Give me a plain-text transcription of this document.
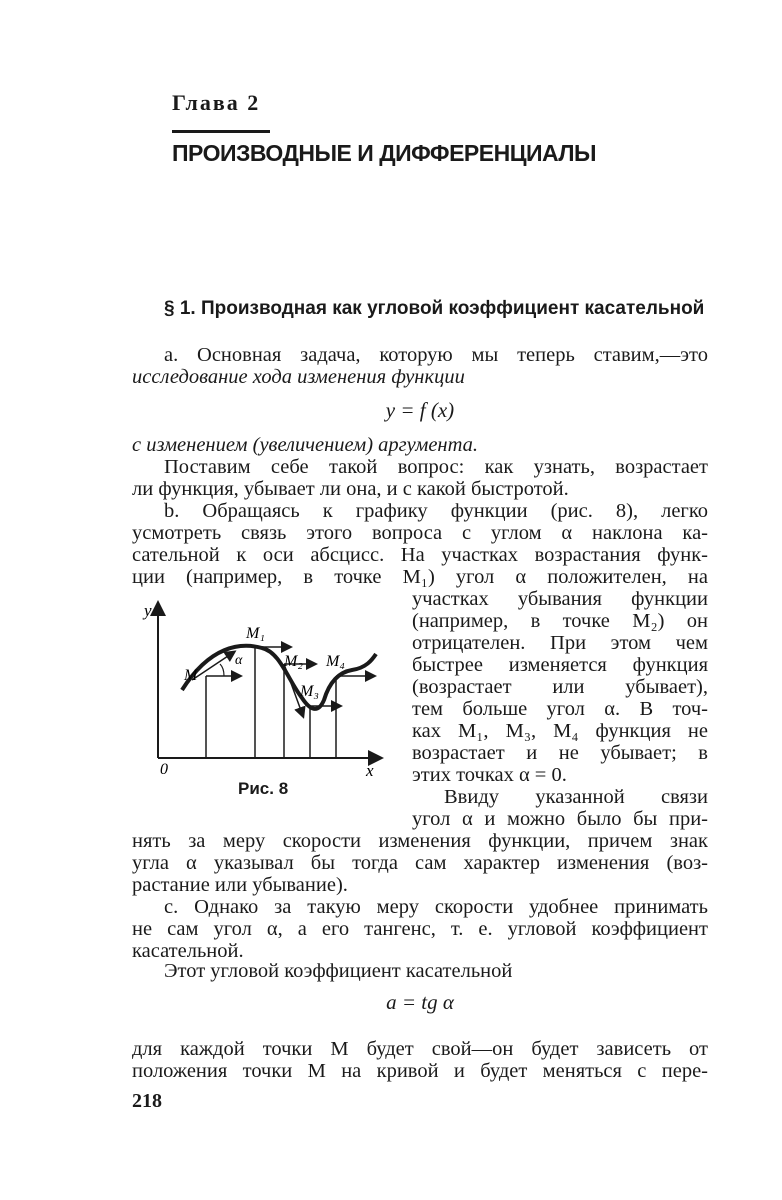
Глава 2
ПРОИЗВОДНЫЕ И ДИФФЕРЕНЦИАЛЫ
§ 1. Производная как угловой коэффициент касательной
а. Основная задача, которую мы теперь ставим,—это
исследование хода изменения функции
y = f (x)
с изменением (увеличением) аргумента.
Поставим себе такой вопрос: как узнать, возрастает
ли функция, убывает ли она, и с какой быстротой.
b. Обращаясь к графику функции (рис. 8), легко
усмотреть связь этого вопроса с углом α наклона ка-
сательной к оси абсцисс. На участках возрастания функ-
ции (например, в точке M₁) угол α положителен, на
y
x
0
M
α
M₁
M₂
M₃
M₄
Рис. 8
участках убывания функции
(например, в точке M₂) он
отрицателен. При этом чем
быстрее изменяется функция
(возрастает или убывает),
тем больше угол α. В точ-
ках M₁, M₃, M₄ функция не
возрастает и не убывает; в
этих точках α = 0.
Ввиду указанной связи
угол α и можно было бы при-
нять за меру скорости изменения функции, причем знак
угла α указывал бы тогда сам характер изменения (воз-
растание или убывание).
с. Однако за такую меру скорости удобнее принимать
не сам угол α, а его тангенс, т. е. угловой коэффициент
касательной.
Этот угловой коэффициент касательной
a = tg α
для каждой точки M будет свой—он будет зависеть от
положения точки M на кривой и будет меняться с пере-
218
